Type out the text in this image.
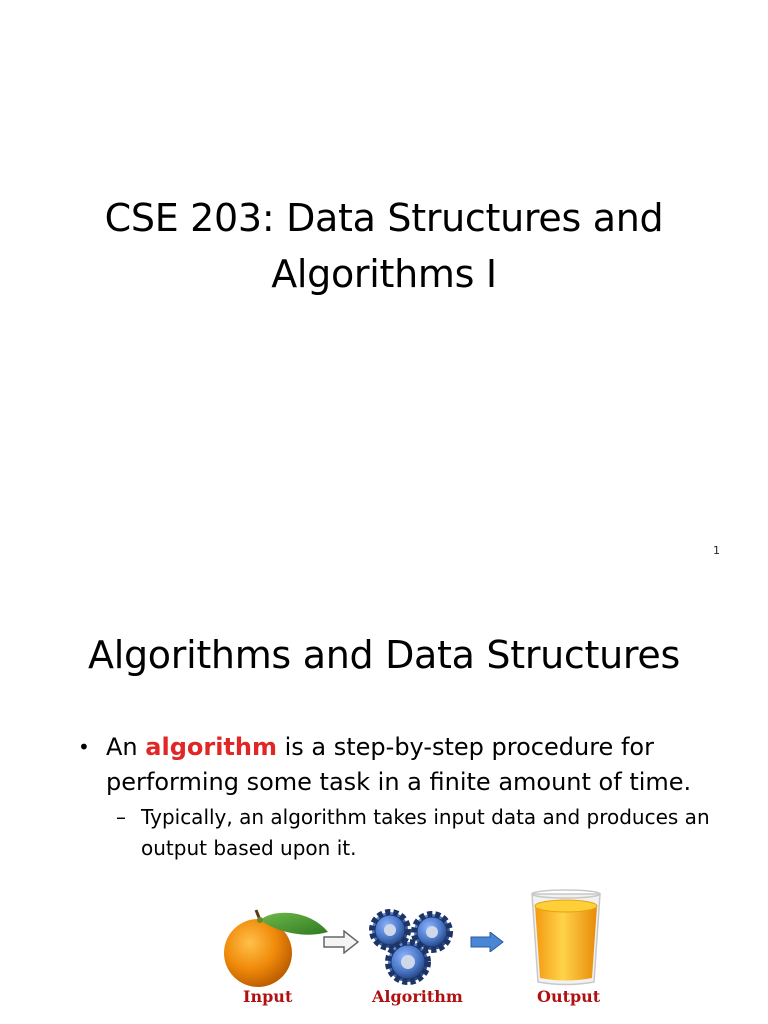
CSE 203: Data Structures and
Algorithms I
1
Algorithms and Data Structures
• An algorithm is a step-by-step procedure for performing some task in a finite amount of time.
– Typically, an algorithm takes input data and produces an output based upon it.
Input	Algorithm	Output
